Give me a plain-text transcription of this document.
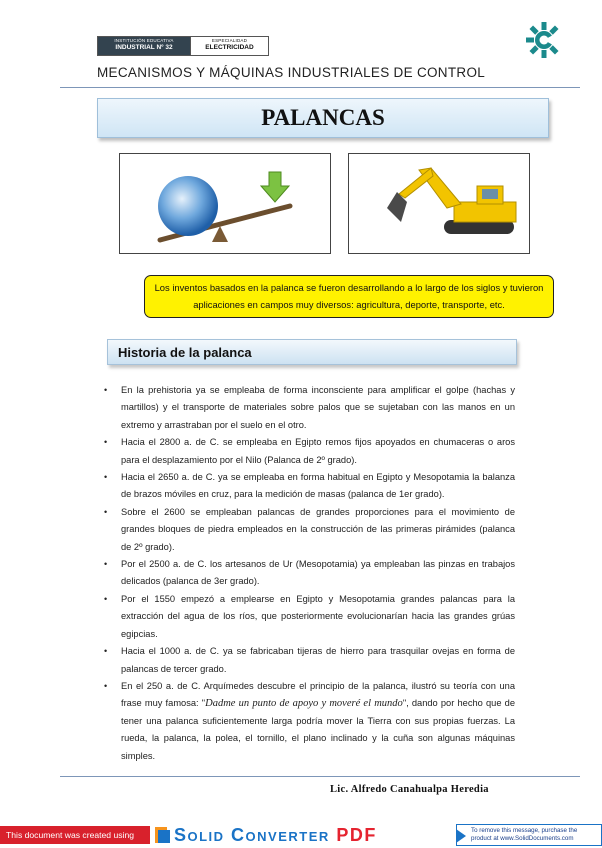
INSTITUCIÓN EDUCATIVA
INDUSTRIAL Nº 32
ESPECIALIDAD
ELECTRICIDAD
MECANISMOS Y MÁQUINAS INDUSTRIALES DE CONTROL
PALANCAS
Los inventos basados en la palanca se fueron desarrollando a lo largo de los siglos y tuvieron aplicaciones en campos muy diversos: agricultura, deporte, transporte, etc.
Historia de la palanca
• En la prehistoria ya se empleaba de forma inconsciente para amplificar el golpe (hachas y martillos) y el transporte de materiales sobre palos que se sujetaban con las manos en un extremo y arrastraban por el suelo en el otro.
• Hacia el 2800 a. de C. se empleaba en Egipto remos fijos apoyados en chumaceras o aros para el desplazamiento por el Nilo (Palanca de 2º grado).
• Hacia el 2650 a. de C. ya se empleaba en forma habitual en Egipto y Mesopotamia la balanza de brazos móviles en cruz, para la medición de masas (palanca de 1er grado).
• Sobre el 2600 se empleaban palancas de grandes proporciones para el movimiento de grandes bloques de piedra empleados en la construcción de las primeras pirámides (palanca de 2º grado).
• Por el 2500 a. de C. los artesanos de Ur (Mesopotamia) ya empleaban las pinzas en trabajos delicados (palanca de 3er grado).
• Por el 1550 empezó a emplearse en Egipto y Mesopotamia grandes palancas para la extracción del agua de los ríos, que posteriormente evolucionarían hacia las grandes grúas egipcias.
• Hacia el 1000 a. de C. ya se fabricaban tijeras de hierro para trasquilar ovejas en forma de palancas de tercer grado.
• En el 250 a. de C. Arquímedes descubre el principio de la palanca, ilustró su teoría con una frase muy famosa: "Dadme un punto de apoyo y moveré el mundo", dando por hecho que de tener una palanca suficientemente larga podría mover la Tierra con sus propias fuerzas. La rueda, la palanca, la polea, el tornillo, el plano inclinado y la cuña son algunas máquinas simples.
Lic. Alfredo Canahualpa Heredia
This document was created using	Solid Converter PDF	To remove this message, purchase the
product at www.SolidDocuments.com
